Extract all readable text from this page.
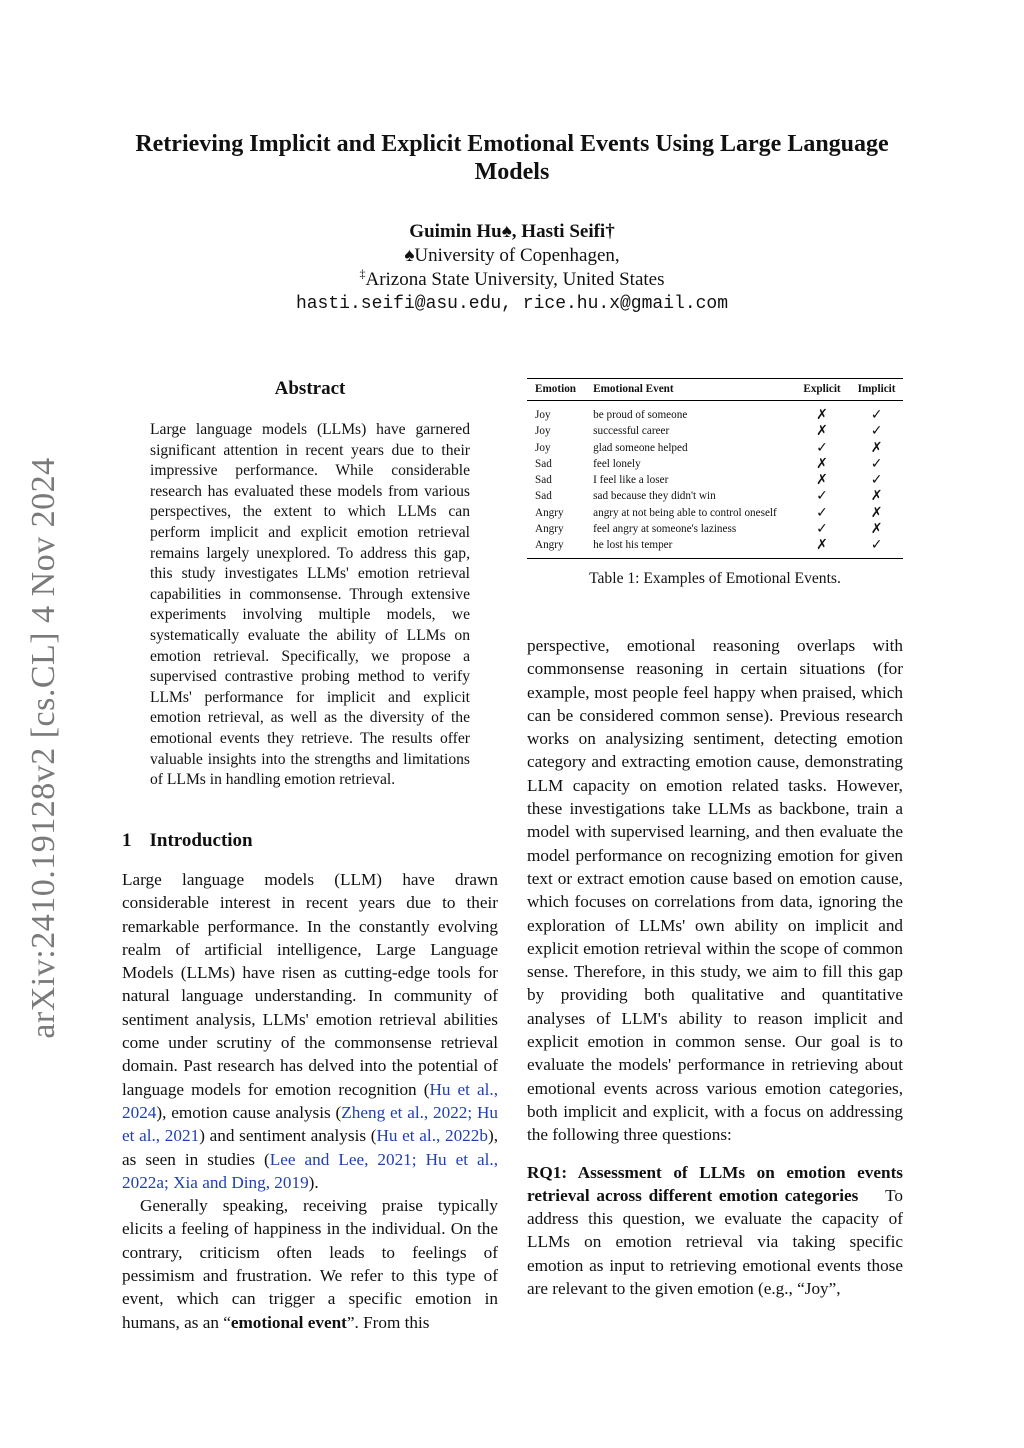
arXiv:2410.19128v2 [cs.CL] 4 Nov 2024
Retrieving Implicit and Explicit Emotional Events Using Large Language Models
Guimin Hu♠, Hasti Seifi†
♠University of Copenhagen,
‡Arizona State University, United States
hasti.seifi@asu.edu, rice.hu.x@gmail.com
Abstract

Large language models (LLMs) have garnered significant attention in recent years due to their impressive performance. While considerable research has evaluated these models from various perspectives, the extent to which LLMs can perform implicit and explicit emotion retrieval remains largely unexplored. To address this gap, this study investigates LLMs' emotion retrieval capabilities in commonsense. Through extensive experiments involving multiple models, we systematically evaluate the ability of LLMs on emotion retrieval. Specifically, we propose a supervised contrastive probing method to verify LLMs' performance for implicit and explicit emotion retrieval, as well as the diversity of the emotional events they retrieve. The results offer valuable insights into the strengths and limitations of LLMs in handling emotion retrieval.

1 Introduction

Large language models (LLM) have drawn considerable interest in recent years due to their remarkable performance. In the constantly evolving realm of artificial intelligence, Large Language Models (LLMs) have risen as cutting-edge tools for natural language understanding. In community of sentiment analysis, LLMs' emotion retrieval abilities come under scrutiny of the commonsense retrieval domain. Past research has delved into the potential of language models for emotion recognition (Hu et al., 2024), emotion cause analysis (Zheng et al., 2022; Hu et al., 2021) and sentiment analysis (Hu et al., 2022b), as seen in studies (Lee and Lee, 2021; Hu et al., 2022a; Xia and Ding, 2019).

Generally speaking, receiving praise typically elicits a feeling of happiness in the individual. On the contrary, criticism often leads to feelings of pessimism and frustration. We refer to this type of event, which can trigger a specific emotion in humans, as an “emotional event”. From this

Emotion	Emotional Event	Explicit	Implicit
Joy	be proud of someone	✗	✓
Joy	successful career	✗	✓
Joy	glad someone helped	✓	✗
Sad	feel lonely	✗	✓
Sad	I feel like a loser	✗	✓
Sad	sad because they didn't win	✓	✗
Angry	angry at not being able to control oneself	✓	✗
Angry	feel angry at someone's laziness	✓	✗
Angry	he lost his temper	✗	✓

Table 1: Examples of Emotional Events.

perspective, emotional reasoning overlaps with commonsense reasoning in certain situations (for example, most people feel happy when praised, which can be considered common sense). Previous research works on analysizing sentiment, detecting emotion category and extracting emotion cause, demonstrating LLM capacity on emotion related tasks. However, these investigations take LLMs as backbone, train a model with supervised learning, and then evaluate the model performance on recognizing emotion for given text or extract emotion cause based on emotion cause, which focuses on correlations from data, ignoring the exploration of LLMs' own ability on implicit and explicit emotion retrieval within the scope of common sense. Therefore, in this study, we aim to fill this gap by providing both qualitative and quantitative analyses of LLM's ability to reason implicit and explicit emotion in common sense. Our goal is to evaluate the models' performance in retrieving about emotional events across various emotion categories, both implicit and explicit, with a focus on addressing the following three questions:

RQ1: Assessment of LLMs on emotion events retrieval across different emotion categories To address this question, we evaluate the capacity of LLMs on emotion retrieval via taking specific emotion as input to retrieving emotional events those are relevant to the given emotion (e.g., “Joy”,
